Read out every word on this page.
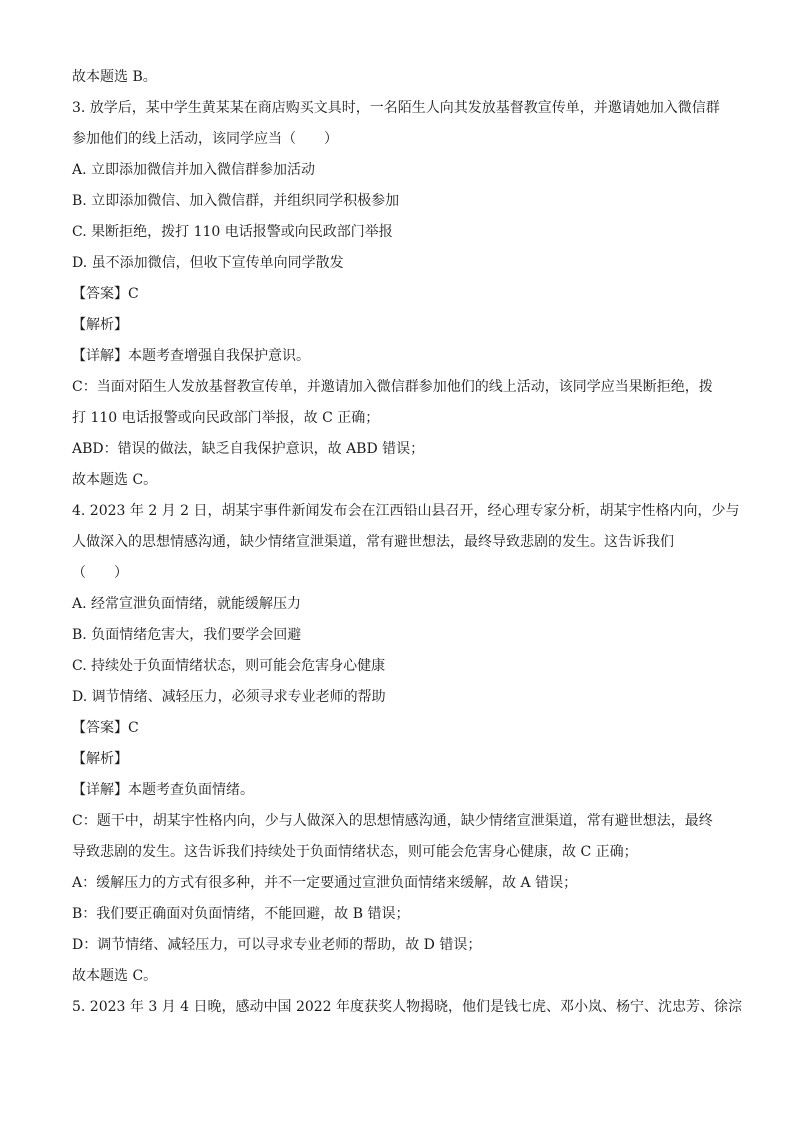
故本题选 B。
3. 放学后，某中学生黄某某在商店购买文具时，一名陌生人向其发放基督教宣传单，并邀请她加入微信群
参加他们的线上活动，该同学应当（　　）
A. 立即添加微信并加入微信群参加活动
B. 立即添加微信、加入微信群，并组织同学积极参加
C. 果断拒绝，拨打 110 电话报警或向民政部门举报
D. 虽不添加微信，但收下宣传单向同学散发
【答案】C
【解析】
【详解】本题考查增强自我保护意识。
C：当面对陌生人发放基督教宣传单，并邀请加入微信群参加他们的线上活动，该同学应当果断拒绝，拨
打 110 电话报警或向民政部门举报，故 C 正确；
ABD：错误的做法，缺乏自我保护意识，故 ABD 错误；
故本题选 C。
4. 2023 年 2 月 2 日，胡某宇事件新闻发布会在江西铅山县召开，经心理专家分析，胡某宇性格内向，少与
人做深入的思想情感沟通，缺少情绪宣泄渠道，常有避世想法，最终导致悲剧的发生。这告诉我们
（　　）
A. 经常宣泄负面情绪，就能缓解压力
B. 负面情绪危害大，我们要学会回避
C. 持续处于负面情绪状态，则可能会危害身心健康
D. 调节情绪、减轻压力，必须寻求专业老师的帮助
【答案】C
【解析】
【详解】本题考查负面情绪。
C：题干中，胡某宇性格内向，少与人做深入的思想情感沟通，缺少情绪宣泄渠道，常有避世想法，最终
导致悲剧的发生。这告诉我们持续处于负面情绪状态，则可能会危害身心健康，故 C 正确；
A：缓解压力的方式有很多种，并不一定要通过宣泄负面情绪来缓解，故 A 错误；
B：我们要正确面对负面情绪，不能回避，故 B 错误；
D：调节情绪、减轻压力，可以寻求专业老师的帮助，故 D 错误；
故本题选 C。
5. 2023 年 3 月 4 日晚，感动中国 2022 年度获奖人物揭晓，他们是钱七虎、邓小岚、杨宁、沈忠芳、徐淙
